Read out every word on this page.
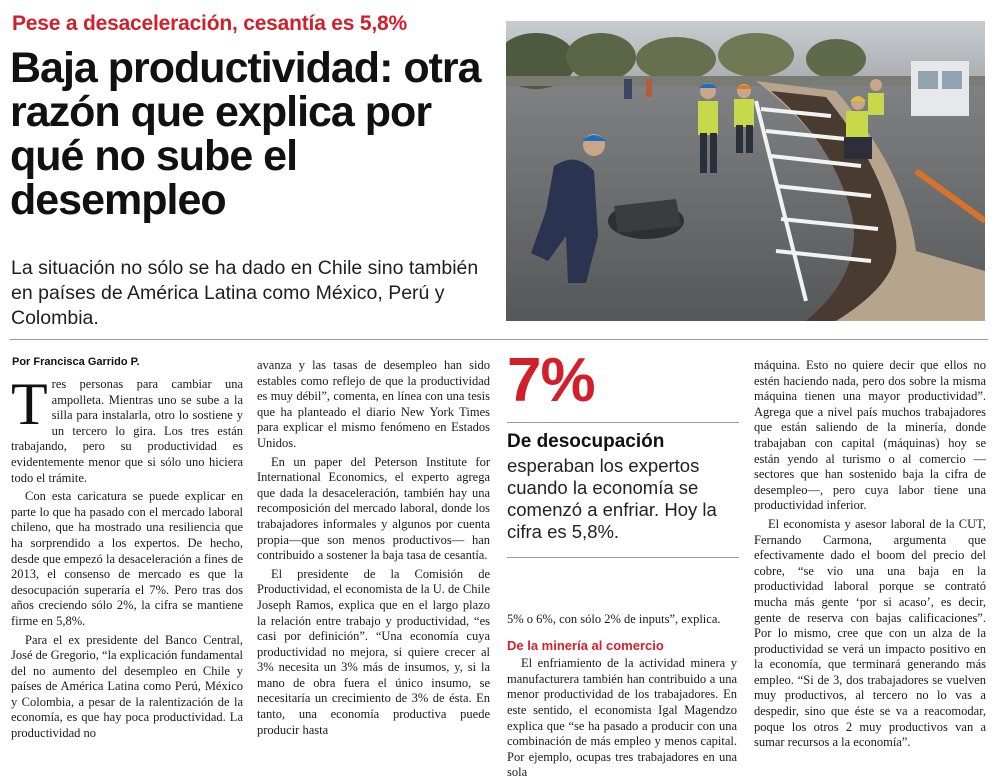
Pese a desaceleración, cesantía es 5,8%
Baja productividad: otra razón que explica por qué no sube el desempleo

La situación no sólo se ha dado en Chile sino también en países de América Latina como México, Perú y Colombia.

Por Francisca Garrido P.

Tres personas para cambiar una ampolleta. Mientras uno se sube a la silla para instalarla, otro lo sostiene y un tercero lo gira. Los tres están trabajando, pero su productividad es evidentemente menor que si sólo uno hiciera todo el trámite.

Con esta caricatura se puede explicar en parte lo que ha pasado con el mercado laboral chileno, que ha mostrado una resiliencia que ha sorprendido a los expertos. De hecho, desde que empezó la desaceleración a fines de 2013, el consenso de mercado es que la desocupación superaría el 7%. Pero tras dos años creciendo sólo 2%, la cifra se mantiene firme en 5,8%.

Para el ex presidente del Banco Central, José de Gregorio, “la explicación fundamental del no aumento del desempleo en Chile y países de América Latina como Perú, México y Colombia, a pesar de la ralentización de la economía, es que hay poca productividad. La productividad no

avanza y las tasas de desempleo han sido estables como reflejo de que la productividad es muy débil”, comenta, en línea con una tesis que ha planteado el diario New York Times para explicar el mismo fenómeno en Estados Unidos.

En un paper del Peterson Institute for International Economics, el experto agrega que dada la desaceleración, también hay una recomposición del mercado laboral, donde los trabajadores informales y algunos por cuenta propia—que son menos productivos— han contribuido a sostener la baja tasa de cesantía.

El presidente de la Comisión de Productividad, el economista de la U. de Chile Joseph Ramos, explica que en el largo plazo la relación entre trabajo y productividad, “es casi por definición”. “Una economía cuya productividad no mejora, si quiere crecer al 3% necesita un 3% más de insumos, y, si la mano de obra fuera el único insumo, se necesitaría un crecimiento de 3% de ésta. En tanto, una economía productiva puede producir hasta

7%
De desocupación
esperaban los expertos cuando la economía se comenzó a enfriar. Hoy la cifra es 5,8%.

5% o 6%, con sólo 2% de inputs”, explica.

De la minería al comercio

El enfriamiento de la actividad minera y manufacturera también han contribuido a una menor productividad de los trabajadores. En este sentido, el economista Igal Magendzo explica que “se ha pasado a producir con una combinación de más empleo y menos capital. Por ejemplo, ocupas tres trabajadores en una sola

máquina. Esto no quiere decir que ellos no estén haciendo nada, pero dos sobre la misma máquina tienen una mayor productividad”. Agrega que a nivel país muchos trabajadores que están saliendo de la minería, donde trabajaban con capital (máquinas) hoy se están yendo al turismo o al comercio —sectores que han sostenido baja la cifra de desempleo—, pero cuya labor tiene una productividad inferior.

El economista y asesor laboral de la CUT, Fernando Carmona, argumenta que efectivamente dado el boom del precio del cobre, “se vio una una baja en la productividad laboral porque se contrató mucha más gente ‘por si acaso’, es decir, gente de reserva con bajas calificaciones”. Por lo mismo, cree que con un alza de la productividad se verá un impacto positivo en la economía, que terminará generando más empleo. “Si de 3, dos trabajadores se vuelven muy productivos, al tercero no lo vas a despedir, sino que éste se va a reacomodar, poque los otros 2 muy productivos van a sumar recursos a la economía”.
